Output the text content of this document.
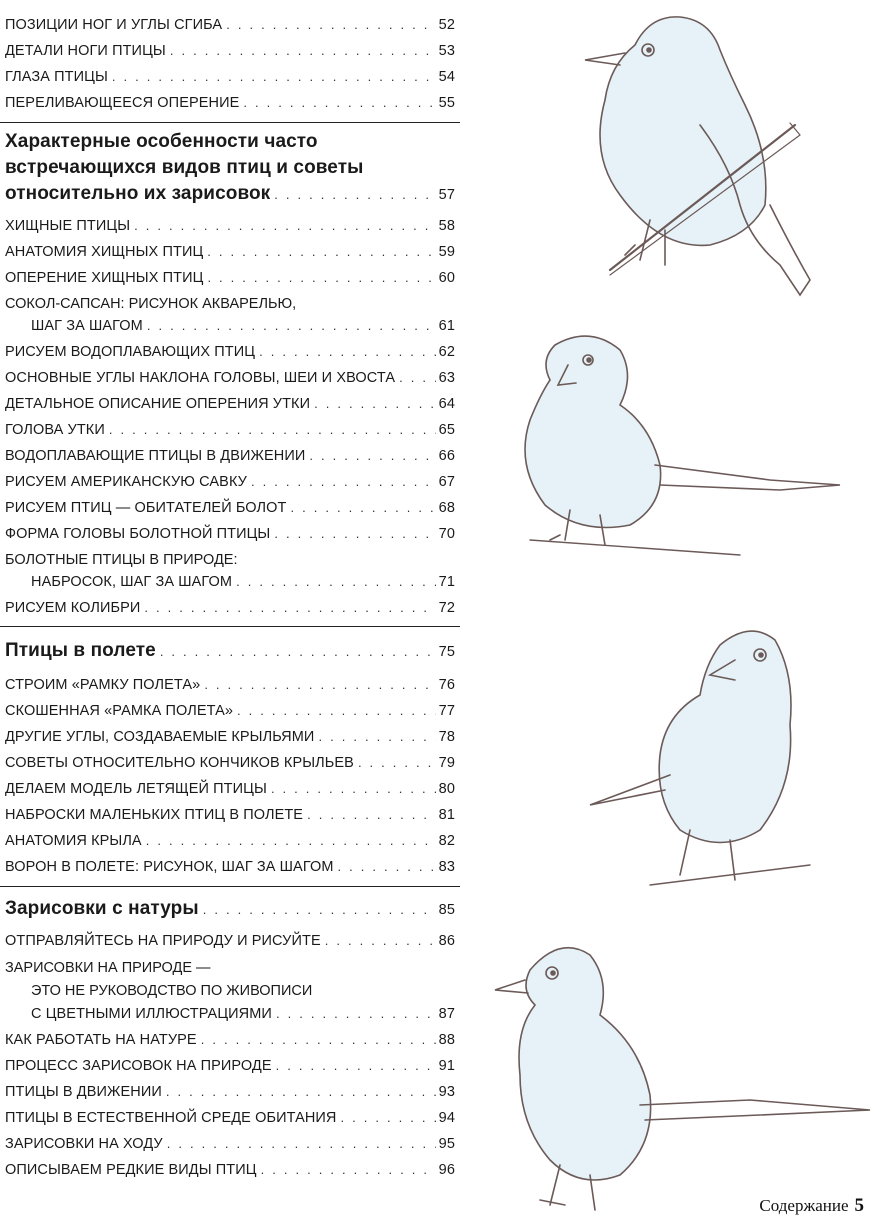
ПОЗИЦИИ НОГ И УГЛЫ СГИБА . . .	52
ДЕТАЛИ НОГИ ПТИЦЫ . . .	53
ГЛАЗА ПТИЦЫ . . .	54
ПЕРЕЛИВАЮЩЕЕСЯ ОПЕРЕНИЕ . . .	55
Характерные особенности часто
встречающихся видов птиц и советы
относительно их зарисовок . . .	57
ХИЩНЫЕ ПТИЦЫ . . .	58
АНАТОМИЯ ХИЩНЫХ ПТИЦ . . .	59
ОПЕРЕНИЕ ХИЩНЫХ ПТИЦ . . .	60
СОКОЛ-САПСАН: РИСУНОК АКВАРЕЛЬЮ,
ШАГ ЗА ШАГОМ . . .	61
РИСУЕМ ВОДОПЛАВАЮЩИХ ПТИЦ . . .	62
ОСНОВНЫЕ УГЛЫ НАКЛОНА ГОЛОВЫ, ШЕИ И ХВОСТА . . .	63
ДЕТАЛЬНОЕ ОПИСАНИЕ ОПЕРЕНИЯ УТКИ . . .	64
ГОЛОВА УТКИ . . .	65
ВОДОПЛАВАЮЩИЕ ПТИЦЫ В ДВИЖЕНИИ . . .	66
РИСУЕМ АМЕРИКАНСКУЮ САВКУ . . .	67
РИСУЕМ ПТИЦ — ОБИТАТЕЛЕЙ БОЛОТ . . .	68
ФОРМА ГОЛОВЫ БОЛОТНОЙ ПТИЦЫ . . .	70
БОЛОТНЫЕ ПТИЦЫ В ПРИРОДЕ:
НАБРОСОК, ШАГ ЗА ШАГОМ . . .	71
РИСУЕМ КОЛИБРИ . . .	72
Птицы в полете . . .	75
СТРОИМ «РАМКУ ПОЛЕТА» . . .	76
СКОШЕННАЯ «РАМКА ПОЛЕТА» . . .	77
ДРУГИЕ УГЛЫ, СОЗДАВАЕМЫЕ КРЫЛЬЯМИ . . .	78
СОВЕТЫ ОТНОСИТЕЛЬНО КОНЧИКОВ КРЫЛЬЕВ . . .	79
ДЕЛАЕМ МОДЕЛЬ ЛЕТЯЩЕЙ ПТИЦЫ . . .	80
НАБРОСКИ МАЛЕНЬКИХ ПТИЦ В ПОЛЕТЕ . . .	81
АНАТОМИЯ КРЫЛА . . .	82
ВОРОН В ПОЛЕТЕ: РИСУНОК, ШАГ ЗА ШАГОМ . . .	83
Зарисовки с натуры . . .	85
ОТПРАВЛЯЙТЕСЬ НА ПРИРОДУ И РИСУЙТЕ . . .	86
ЗАРИСОВКИ НА ПРИРОДЕ —
ЭТО НЕ РУКОВОДСТВО ПО ЖИВОПИСИ
С ЦВЕТНЫМИ ИЛЛЮСТРАЦИЯМИ . . .	87
КАК РАБОТАТЬ НА НАТУРЕ . . .	88
ПРОЦЕСС ЗАРИСОВОК НА ПРИРОДЕ . . .	91
ПТИЦЫ В ДВИЖЕНИИ . . .	93
ПТИЦЫ В ЕСТЕСТВЕННОЙ СРЕДЕ ОБИТАНИЯ . . .	94
ЗАРИСОВКИ НА ХОДУ . . .	95
ОПИСЫВАЕМ РЕДКИЕ ВИДЫ ПТИЦ . . .	96
Содержание 5
